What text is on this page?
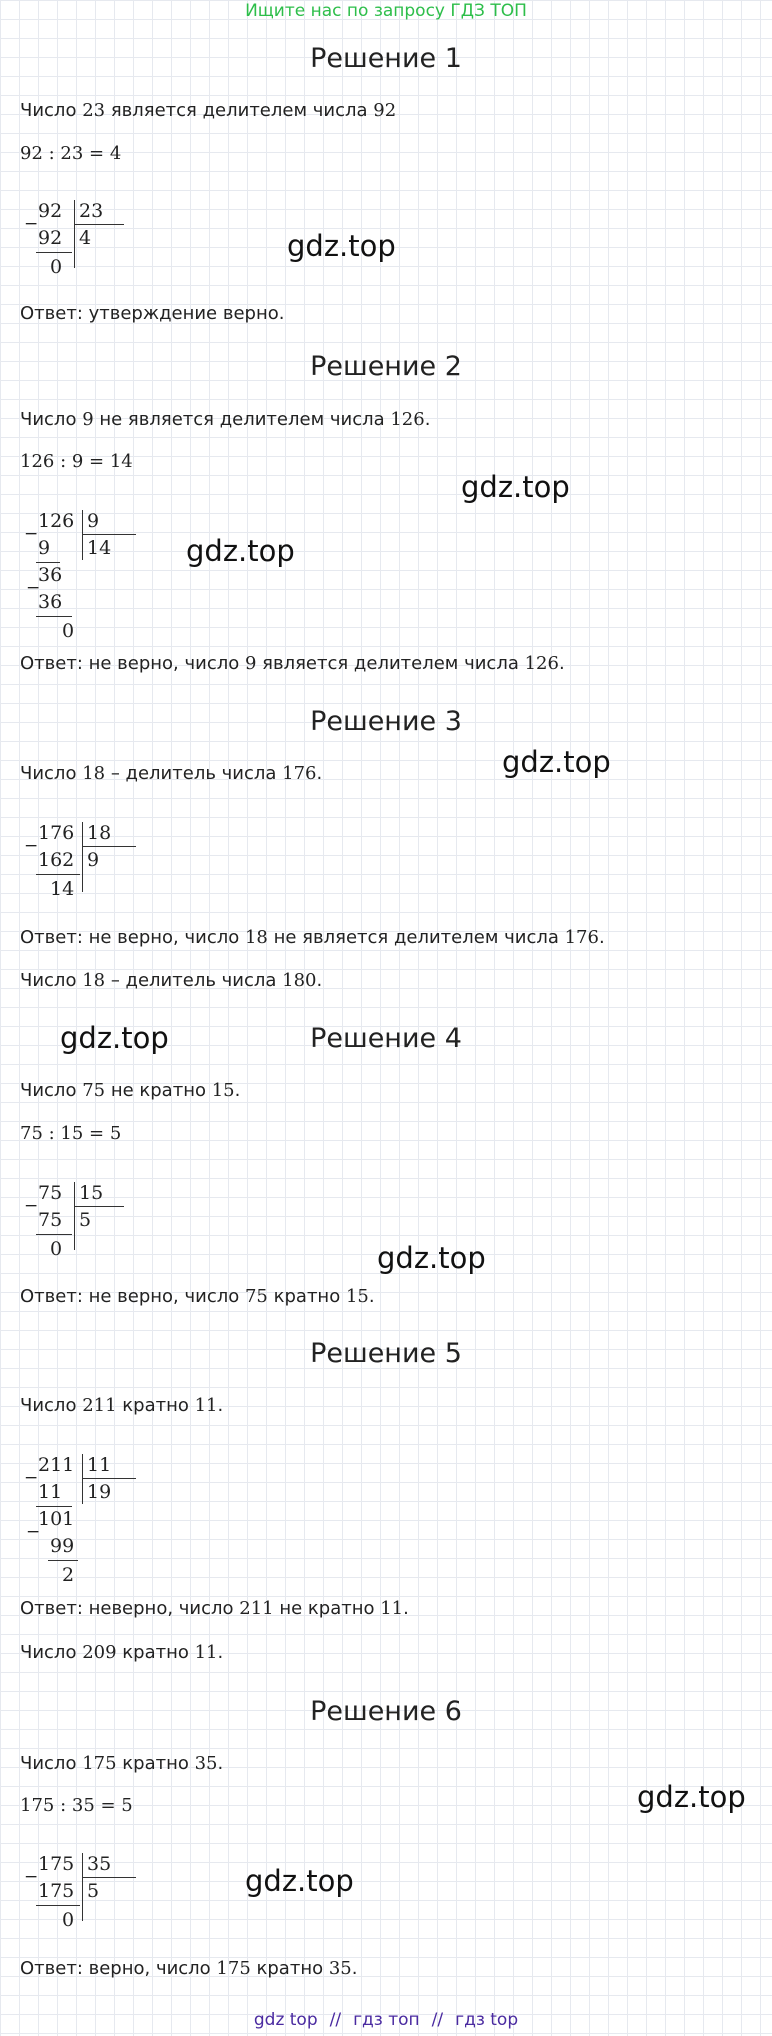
Ищите нас по запросу ГДЗ ТОП
Решение 1
Число 23 является делителем числа 92
92 : 23 = 4
−
92 23
92 4
0
gdz.top
Ответ: утверждение верно.
Решение 2
Число 9 не является делителем числа 126.
126 : 9 = 14
gdz.top
−
126 9
9 14
36
−
36
0
gdz.top
Ответ: не верно, число 9 является делителем числа 126.
Решение 3
gdz.top
Число 18 – делитель числа 176.
−
176 18
162 9
14
Ответ: не верно, число 18 не является делителем числа 176.
Число 18 – делитель числа 180.
gdz.top	Решение 4
Число 75 не кратно 15.
75 : 15 = 5
−
75 15
75 5
0	gdz.top
Ответ: не верно, число 75 кратно 15.
Решение 5
Число 211 кратно 11.
−
211 11
11 19
101
−
99
2
Ответ: неверно, число 211 не кратно 11.
Число 209 кратно 11.
Решение 6
Число 175 кратно 35.
gdz.top
175 : 35 = 5
−
175 35
175 5
0
gdz.top
Ответ: верно, число 175 кратно 35.
gdz top // гдз топ // гдз top
